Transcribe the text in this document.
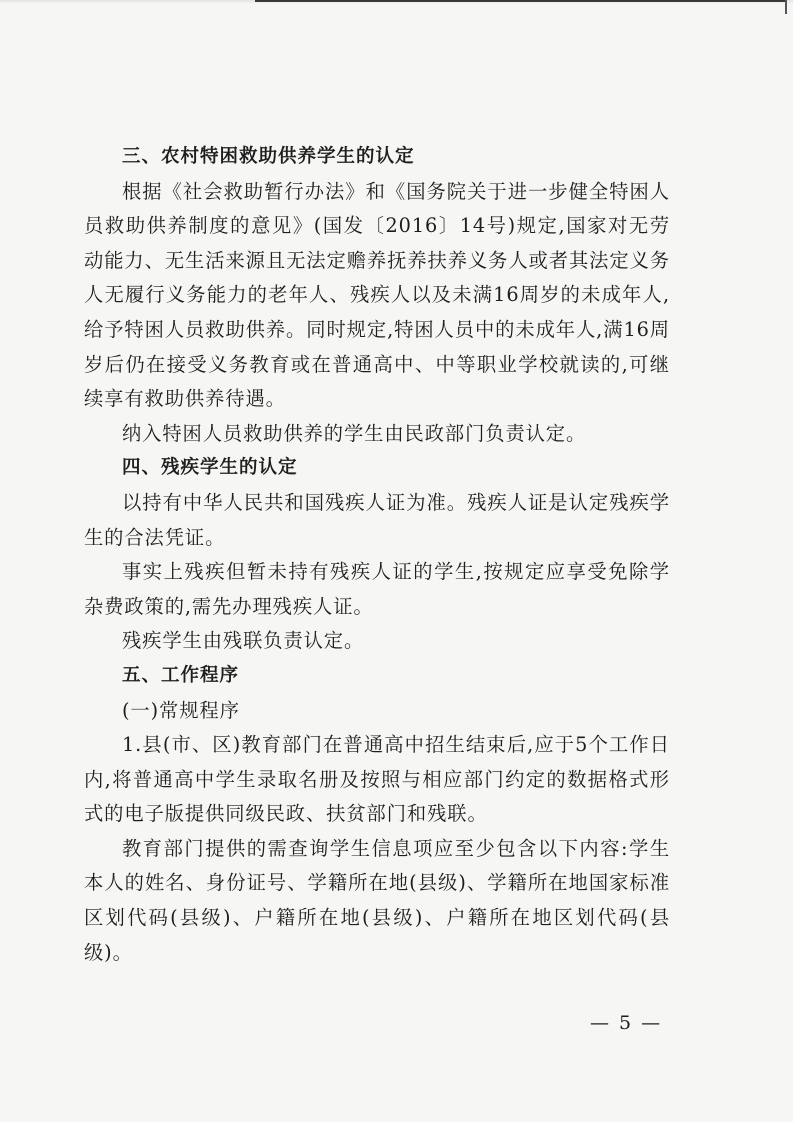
三、农村特困救助供养学生的认定

根据《社会救助暂行办法》和《国务院关于进一步健全特困人员救助供养制度的意见》(国发〔2016〕14号)规定,国家对无劳动能力、无生活来源且无法定赡养抚养扶养义务人或者其法定义务人无履行义务能力的老年人、残疾人以及未满16周岁的未成年人,给予特困人员救助供养。同时规定,特困人员中的未成年人,满16周岁后仍在接受义务教育或在普通高中、中等职业学校就读的,可继续享有救助供养待遇。

纳入特困人员救助供养的学生由民政部门负责认定。

四、残疾学生的认定

以持有中华人民共和国残疾人证为准。残疾人证是认定残疾学生的合法凭证。

事实上残疾但暂未持有残疾人证的学生,按规定应享受免除学杂费政策的,需先办理残疾人证。

残疾学生由残联负责认定。

五、工作程序

(一)常规程序

1.县(市、区)教育部门在普通高中招生结束后,应于5个工作日内,将普通高中学生录取名册及按照与相应部门约定的数据格式形式的电子版提供同级民政、扶贫部门和残联。

教育部门提供的需查询学生信息项应至少包含以下内容:学生本人的姓名、身份证号、学籍所在地(县级)、学籍所在地国家标准区划代码(县级)、户籍所在地(县级)、户籍所在地区划代码(县级)。

— 5 —
